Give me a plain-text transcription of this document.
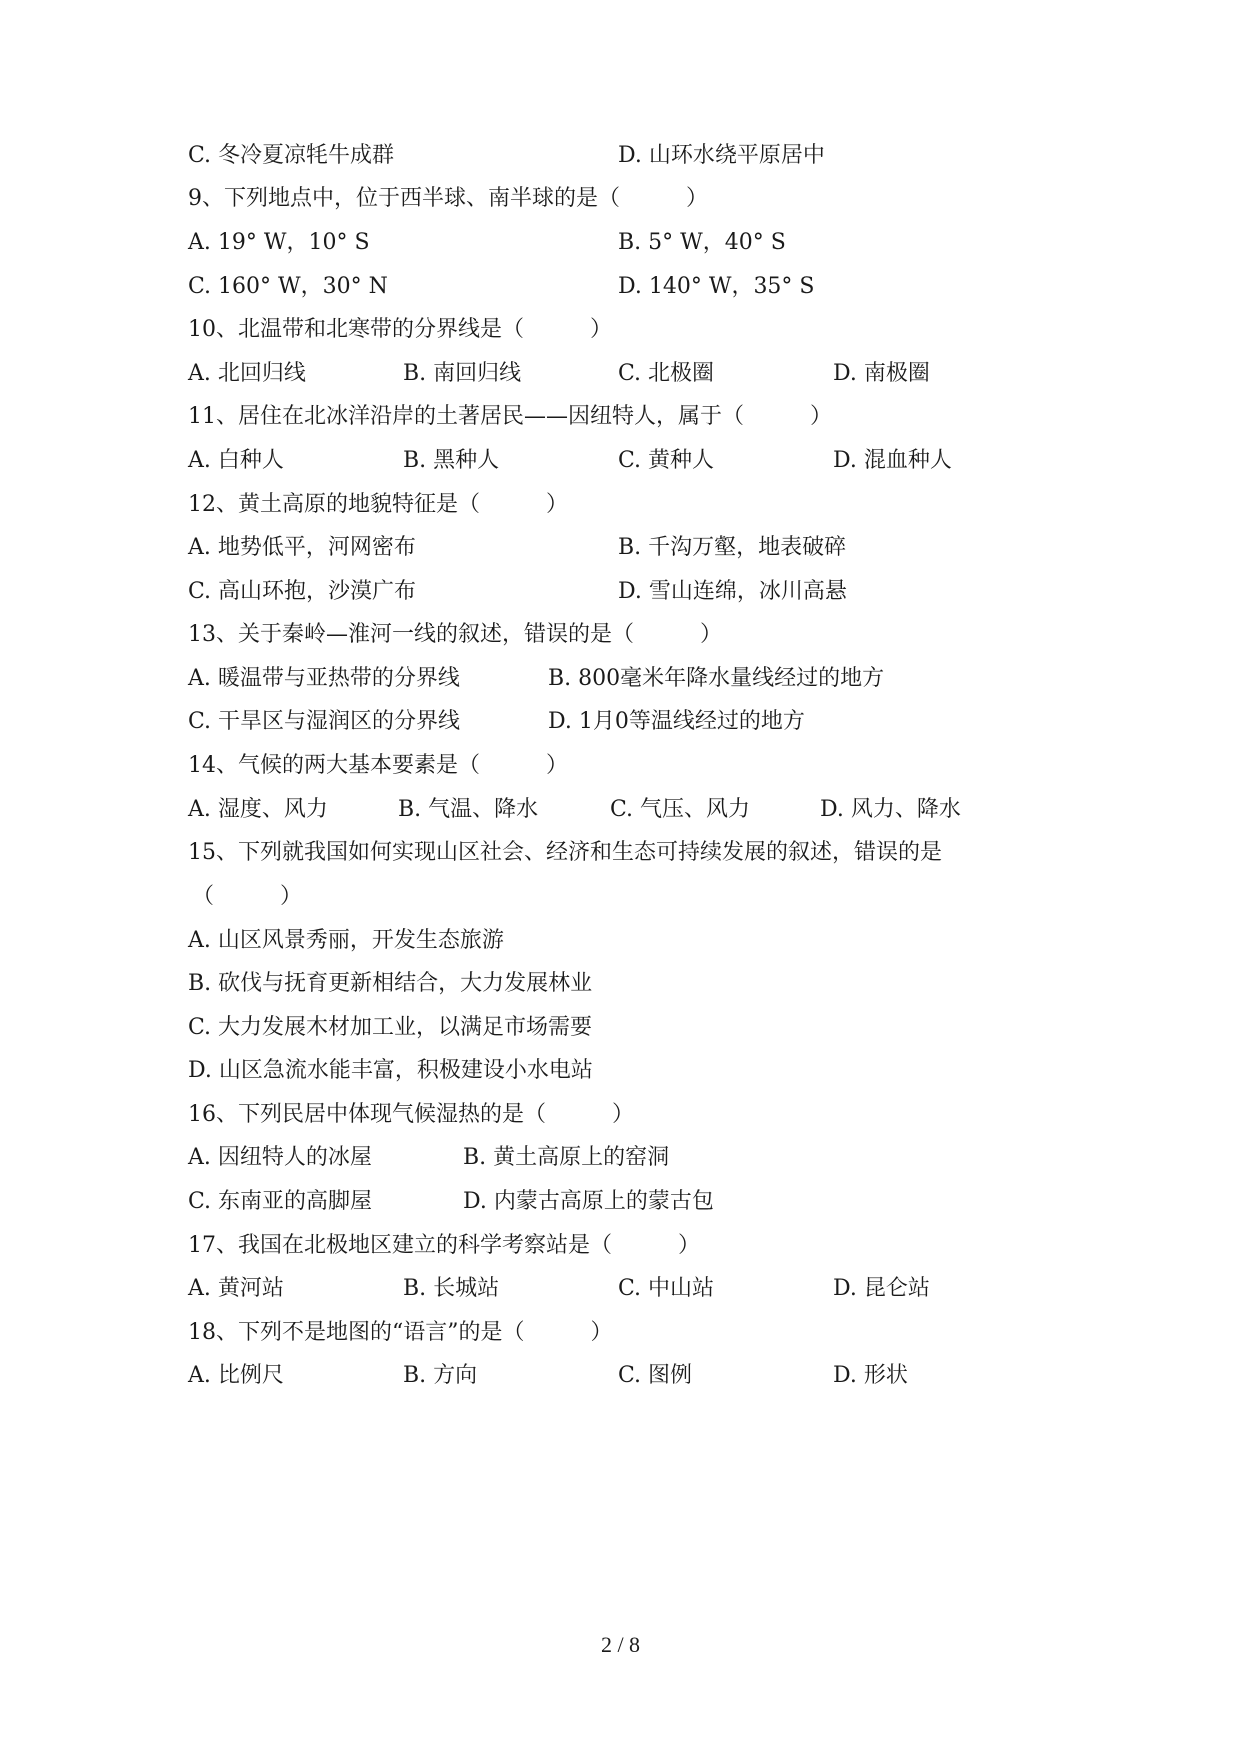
C. 冬冷夏凉牦牛成群	D. 山环水绕平原居中
9、下列地点中，位于西半球、南半球的是（　　　）
A. 19° W，10° S	B. 5° W，40° S
C. 160° W，30° N	D. 140° W，35° S
10、北温带和北寒带的分界线是（　　　）
A. 北回归线	B. 南回归线	C. 北极圈	D. 南极圈
11、居住在北冰洋沿岸的土著居民——因纽特人，属于（　　　）
A. 白种人	B. 黑种人	C. 黄种人	D. 混血种人
12、黄土高原的地貌特征是（　　　）
A. 地势低平，河网密布	B. 千沟万壑，地表破碎
C. 高山环抱，沙漠广布	D. 雪山连绵，冰川高悬
13、关于秦岭—淮河一线的叙述，错误的是（　　　）
A. 暖温带与亚热带的分界线	B. 800毫米年降水量线经过的地方
C. 干旱区与湿润区的分界线	D. 1月0等温线经过的地方
14、气候的两大基本要素是（　　　）
A. 湿度、风力	B. 气温、降水	C. 气压、风力	D. 风力、降水
15、下列就我国如何实现山区社会、经济和生态可持续发展的叙述，错误的是
（　　　）
A. 山区风景秀丽，开发生态旅游
B. 砍伐与抚育更新相结合，大力发展林业
C. 大力发展木材加工业，以满足市场需要
D. 山区急流水能丰富，积极建设小水电站
16、下列民居中体现气候湿热的是（　　　）
A. 因纽特人的冰屋	B. 黄土高原上的窑洞
C. 东南亚的高脚屋	D. 内蒙古高原上的蒙古包
17、我国在北极地区建立的科学考察站是（　　　）
A. 黄河站	B. 长城站	C. 中山站	D. 昆仑站
18、下列不是地图的“语言”的是（　　　）
A. 比例尺	B. 方向	C. 图例	D. 形状
2 / 8
